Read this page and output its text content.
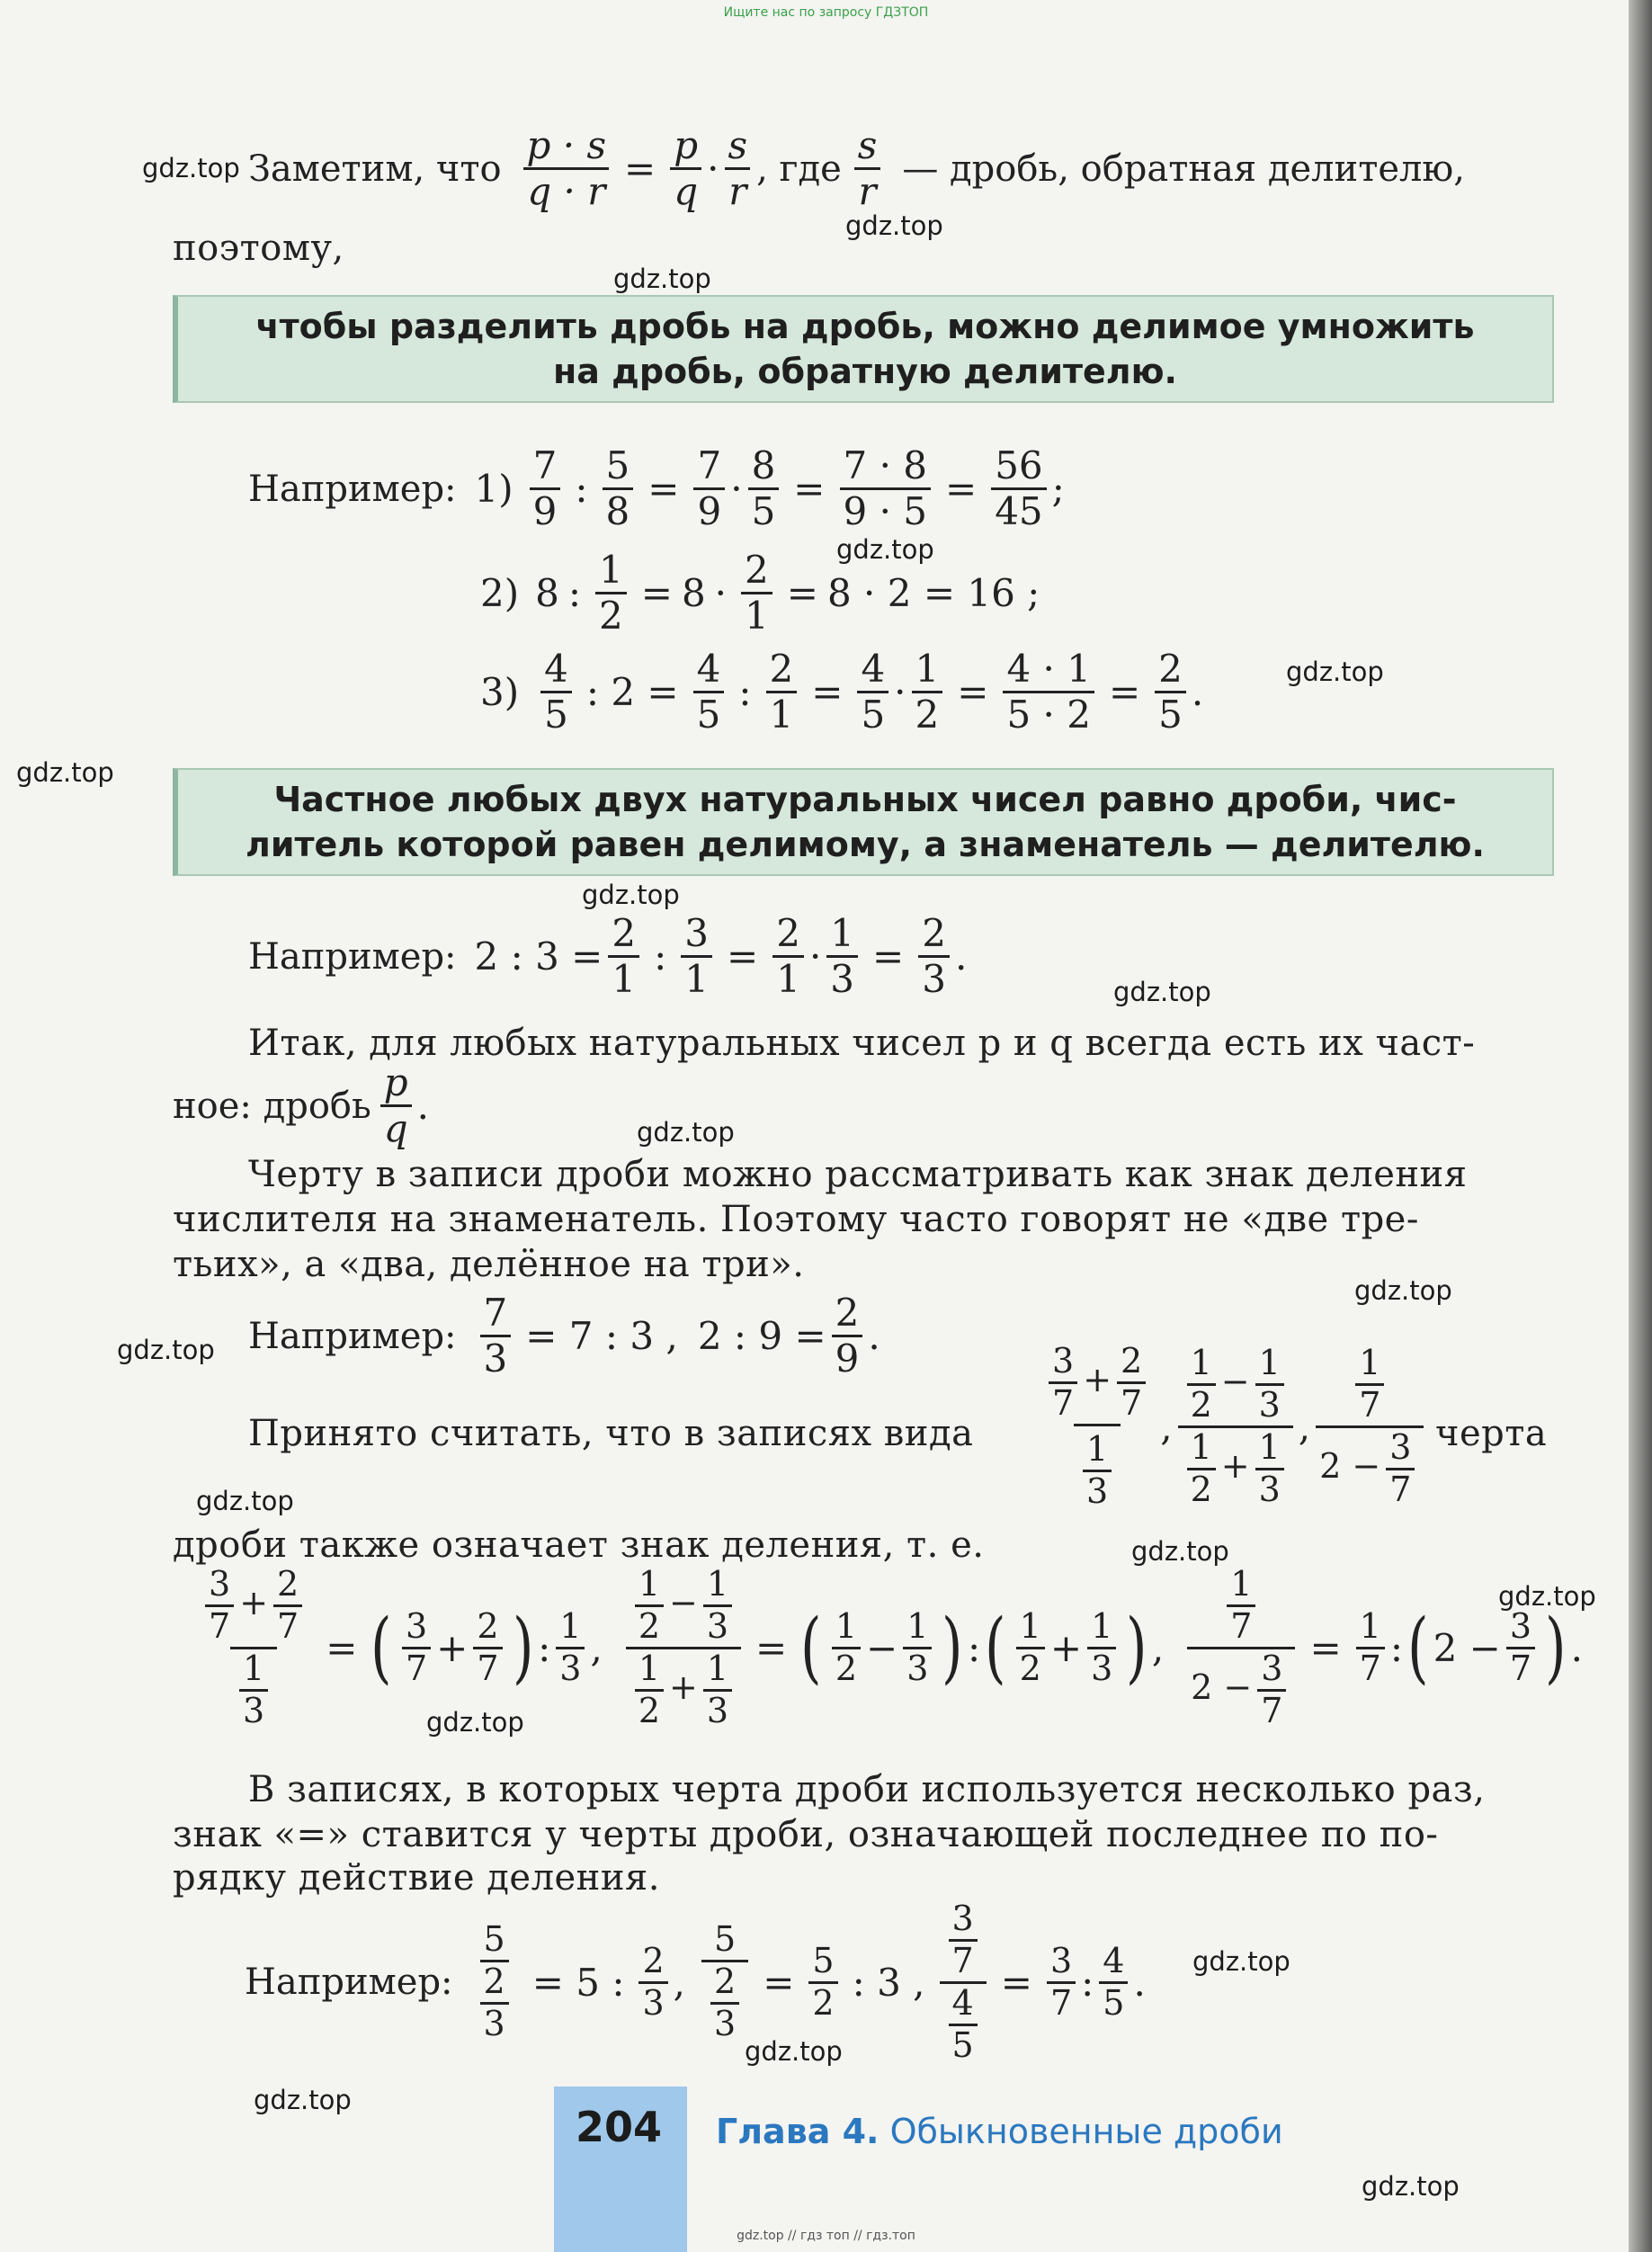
Ищите нас по запросу ГДЗТОП
gdz.top
gdz.top
gdz.top
gdz.top
gdz.top
gdz.top
gdz.top
gdz.top
gdz.top
gdz.top
gdz.top
gdz.top
gdz.top
gdz.top
gdz.top
gdz.top
gdz.top
gdz.top
gdz.top
Заметим, что $\frac{p \cdot s}{q \cdot r} = \frac{p}{q} \cdot \frac{s}{r}$ , где $\frac{s}{r}$ — дробь, обратная делителю,
поэтому,
чтобы разделить дробь на дробь, можно делимое умножить
на дробь, обратную делителю.
Например: $1) \frac{7}{9}$ : $\frac{5}{8} = \frac{7}{9} \cdot \frac{8}{5} = \frac{7 \cdot 8}{9 \cdot 5} = \frac{56}{45}$ ;
2) 8 : $\frac{1}{2} = 8 \cdot \frac{2}{1} = 8 \cdot 2 = 16$ ;
$3) \frac{4}{5}$ : $2 = \frac{4}{5}$ : $\frac{2}{1} = \frac{4}{5} \cdot \frac{1}{2} = \frac{4 \cdot 1}{5 \cdot 2} = \frac{2}{5}$ .
Частное любых двух натуральных чисел равно дроби, чис-
литель которой равен делимому, а знаменатель — делителю.
Например: 2 : $3 = \frac{2}{1}$ : $\frac{3}{1} = \frac{2}{1} \cdot \frac{1}{3} = \frac{2}{3}$ .
Итак, для любых натуральных чисел p и q всегда есть их част-
ное: дробь $\frac{p}{q}$ .
Черту в записи дроби можно рассматривать как знак деления
числителя на знаменатель. Поэтому часто говорят не «две тре-
тьих», а «два, делённое на три».
Например: $\frac{7}{3} = 7$ : 3 , 2 : $9 = \frac{2}{9}$ .
Принято считать, что в записях вида $\frac{\frac{3}{7} + \frac{2}{7}}{\frac{1}{3}}$ , $\frac{\frac{1}{2} - \frac{1}{3}}{\frac{1}{2} + \frac{1}{3}}$ , $\frac{\frac{1}{7}}{2 - \frac{3}{7}}$ черта
дроби также означает знак деления, т. е.
$\frac{\frac{3}{7} + \frac{2}{7}}{\frac{1}{3}}$ = ( $\frac{3}{7} + \frac{2}{7}$ ) : $\frac{1}{3}$ , $\frac{\frac{1}{2} - \frac{1}{3}}{\frac{1}{2} + \frac{1}{3}}$ = ( $\frac{1}{2} - \frac{1}{3}$ ) : ( $\frac{1}{2} + \frac{1}{3}$ ) , $\frac{\frac{1}{7}}{2 - \frac{3}{7}} = \frac{1}{7}$ : ( $2 - \frac{3}{7}$ ) .
В записях, в которых черта дроби используется несколько раз,
знак «=» ставится у черты дроби, означающей последнее по по-
рядку действие деления.
Например: $\frac{\frac{5}{2}}{3} = 5$ : $\frac{2}{3}$ , $\frac{5}{\frac{2}{3}} = \frac{5}{2}$ : 3 , $\frac{\frac{3}{7}}{\frac{4}{5}} = \frac{3}{7}$ : $\frac{4}{5}$ .
204 Глава 4. Обыкновенные дроби
gdz.top // гдз топ // гдз.топ
